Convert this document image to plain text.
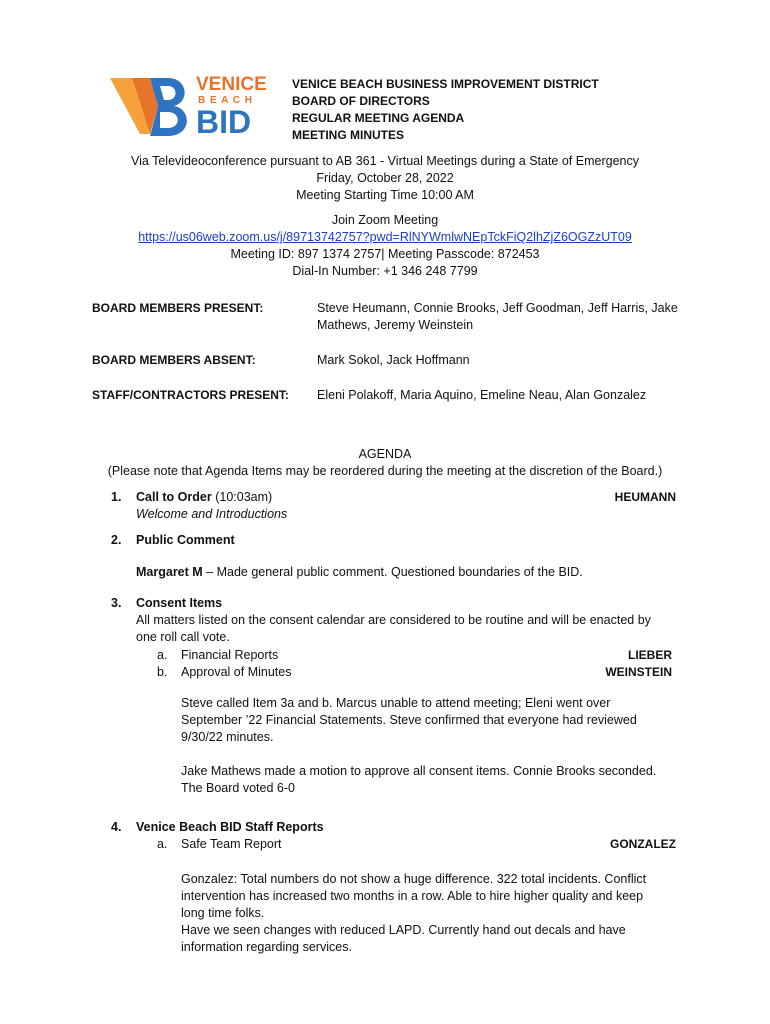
VENICE
B E A C H
BID
VENICE BEACH BUSINESS IMPROVEMENT DISTRICT
BOARD OF DIRECTORS
REGULAR MEETING AGENDA
MEETING MINUTES
Via Televideoconference pursuant to AB 361 - Virtual Meetings during a State of Emergency
Friday, October 28, 2022
Meeting Starting Time 10:00 AM
Join Zoom Meeting
https://us06web.zoom.us/j/89713742757?pwd=RlNYWmlwNEpTckFiQ2lhZjZ6OGZzUT09
Meeting ID: 897 1374 2757| Meeting Passcode: 872453
Dial-In Number: +1 346 248 7799
BOARD MEMBERS PRESENT:	Steve Heumann, Connie Brooks, Jeff Goodman, Jeff Harris, Jake
Mathews, Jeremy Weinstein
BOARD MEMBERS ABSENT:	Mark Sokol, Jack Hoffmann
STAFF/CONTRACTORS PRESENT: Eleni Polakoff, Maria Aquino, Emeline Neau, Alan Gonzalez
AGENDA
(Please note that Agenda Items may be reordered during the meeting at the discretion of the Board.)
1. Call to Order (10:03am)	HEUMANN
Welcome and Introductions
2. Public Comment
Margaret M – Made general public comment. Questioned boundaries of the BID.
3. Consent Items
All matters listed on the consent calendar are considered to be routine and will be enacted by
one roll call vote.
a. Financial Reports	LIEBER
b. Approval of Minutes	WEINSTEIN
Steve called Item 3a and b. Marcus unable to attend meeting; Eleni went over
September ’22 Financial Statements. Steve confirmed that everyone had reviewed
9/30/22 minutes.
Jake Mathews made a motion to approve all consent items. Connie Brooks seconded.
The Board voted 6-0
4. Venice Beach BID Staff Reports
a. Safe Team Report	GONZALEZ
Gonzalez: Total numbers do not show a huge difference. 322 total incidents. Conflict
intervention has increased two months in a row. Able to hire higher quality and keep
long time folks.
Have we seen changes with reduced LAPD. Currently hand out decals and have
information regarding services.
